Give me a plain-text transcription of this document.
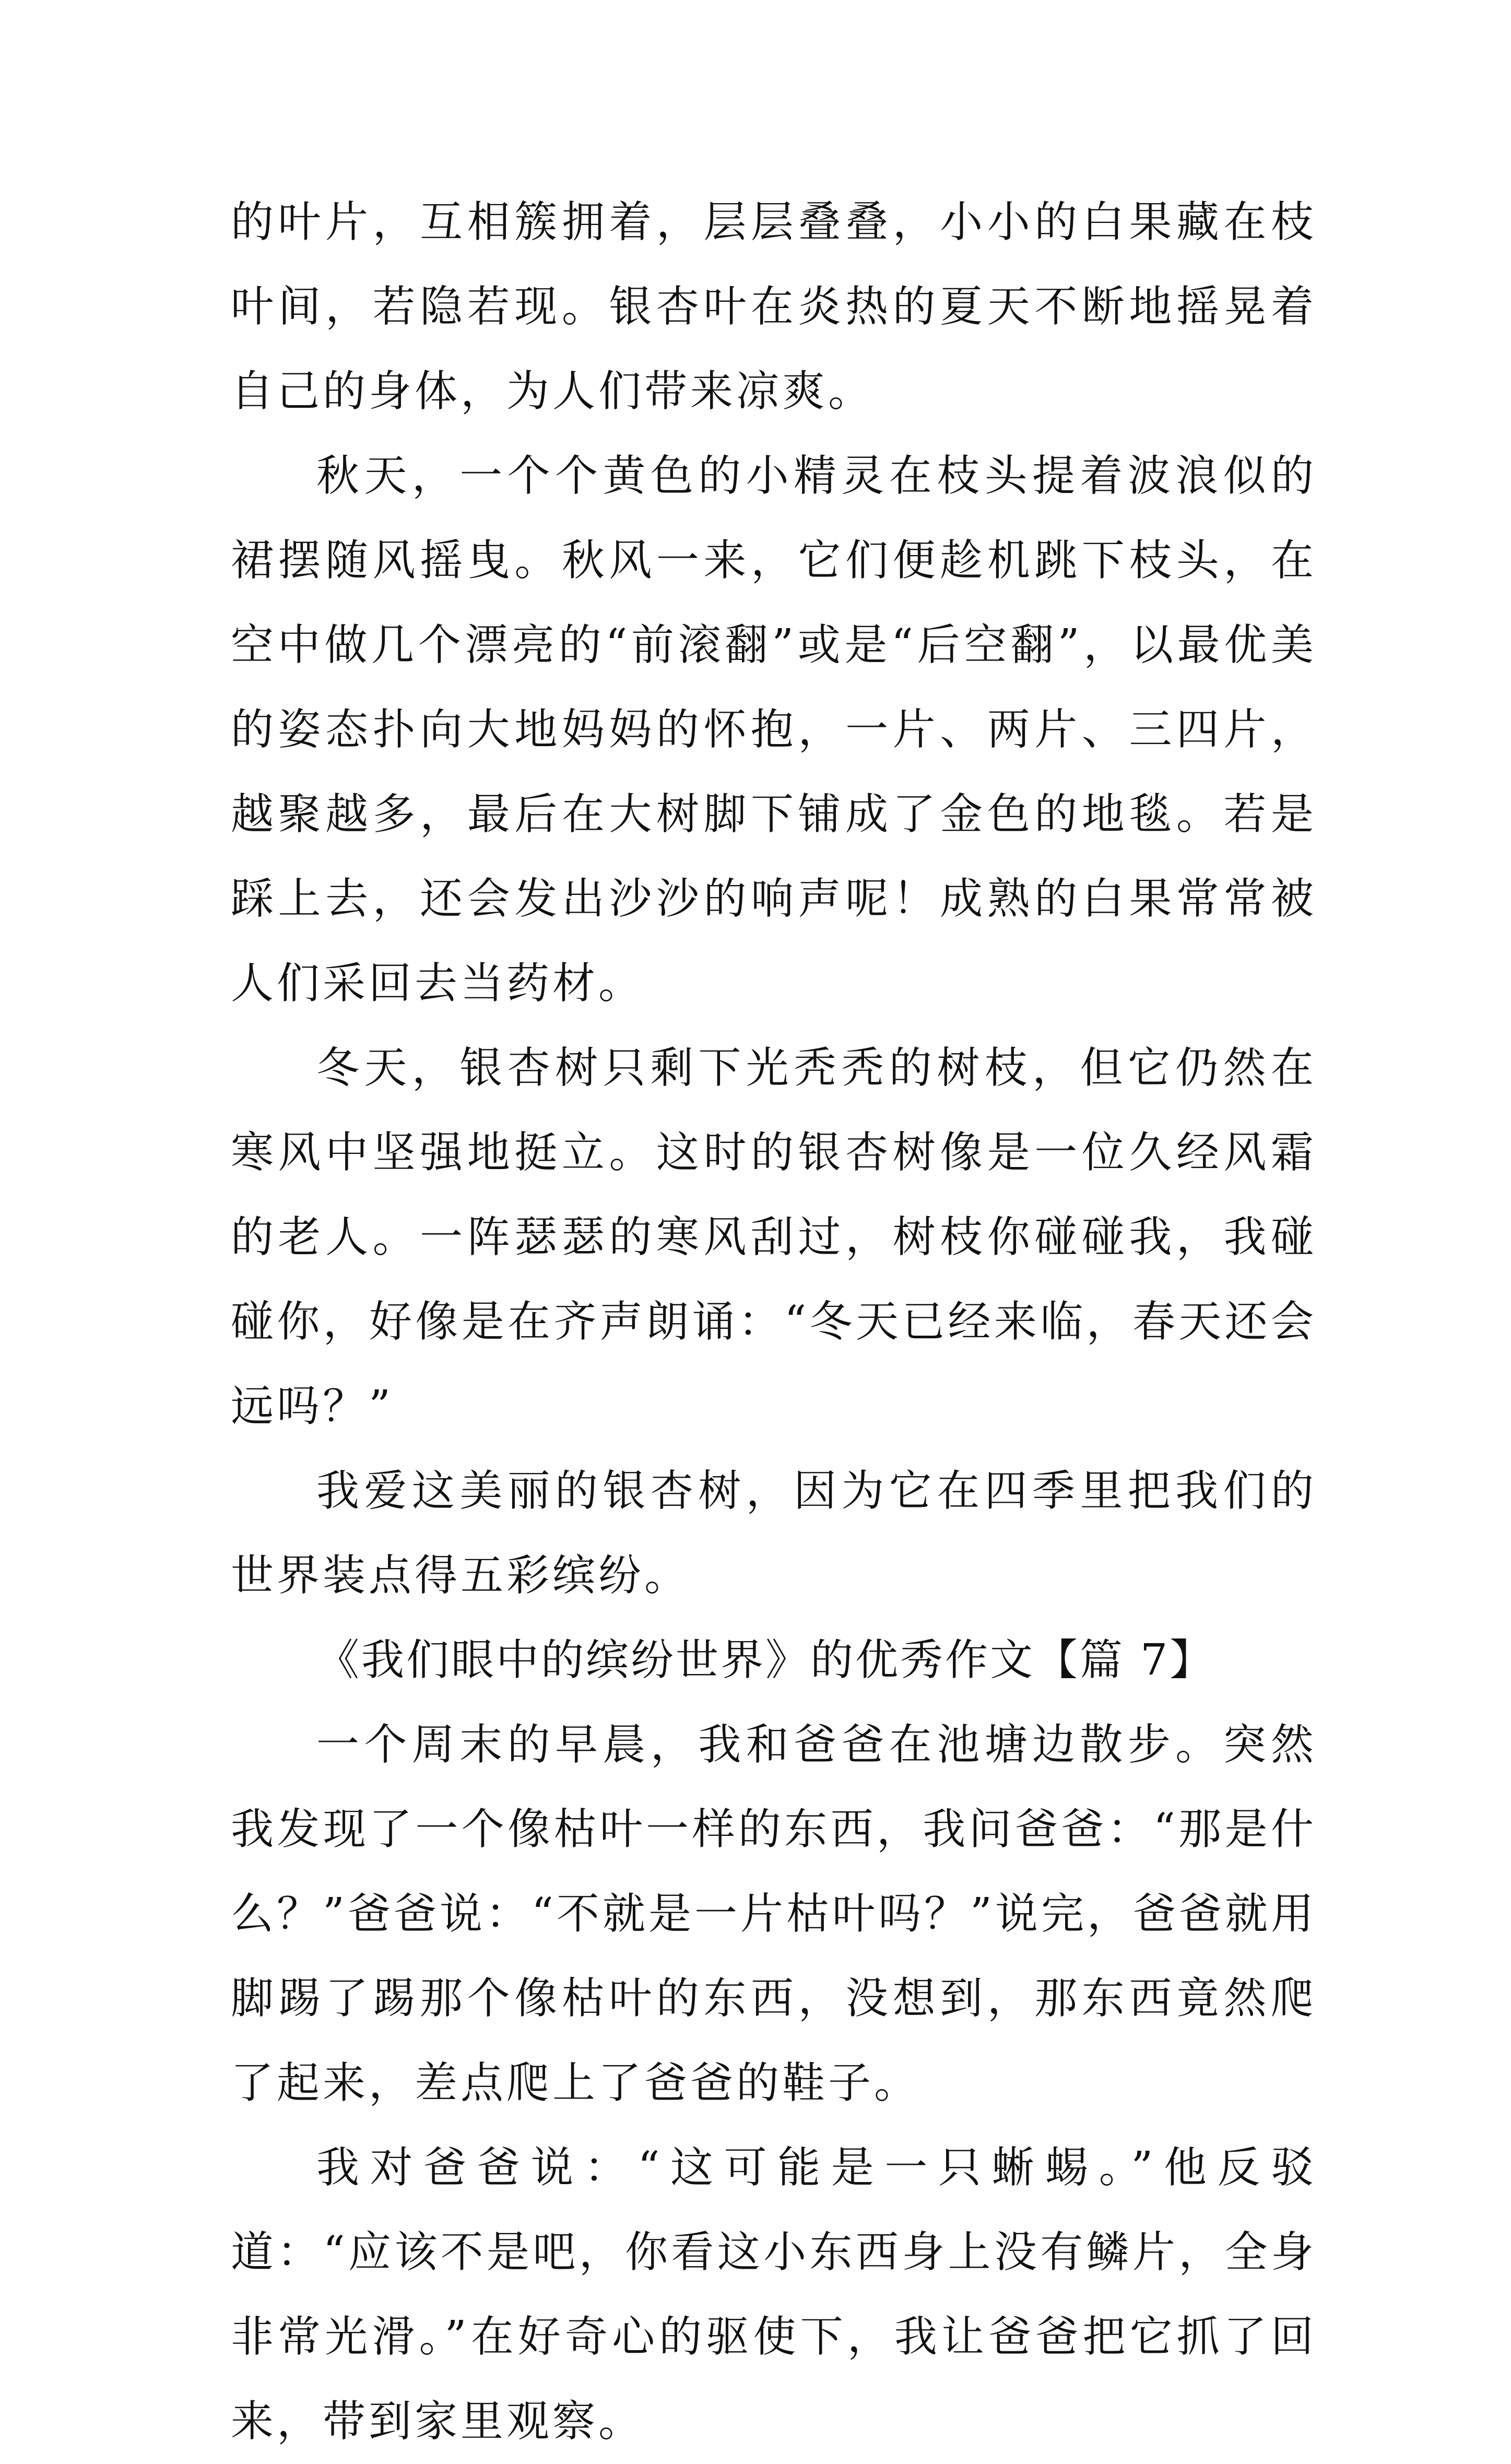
的叶片，互相簇拥着，层层叠叠，小小的白果藏在枝叶间，若隐若现。银杏叶在炎热的夏天不断地摇晃着自己的身体，为人们带来凉爽。

秋天，一个个黄色的小精灵在枝头提着波浪似的裙摆随风摇曳。秋风一来，它们便趁机跳下枝头，在空中做几个漂亮的“前滚翻”或是“后空翻”，以最优美的姿态扑向大地妈妈的怀抱，一片、两片、三四片，越聚越多，最后在大树脚下铺成了金色的地毯。若是踩上去，还会发出沙沙的响声呢！成熟的白果常常被人们采回去当药材。

冬天，银杏树只剩下光秃秃的树枝，但它仍然在寒风中坚强地挺立。这时的银杏树像是一位久经风霜的老人。一阵瑟瑟的寒风刮过，树枝你碰碰我，我碰碰你，好像是在齐声朗诵：“冬天已经来临，春天还会远吗？”

我爱这美丽的银杏树，因为它在四季里把我们的世界装点得五彩缤纷。

《我们眼中的缤纷世界》的优秀作文【篇 7】

一个周末的早晨，我和爸爸在池塘边散步。突然我发现了一个像枯叶一样的东西，我问爸爸：“那是什么？”爸爸说：“不就是一片枯叶吗？”说完，爸爸就用脚踢了踢那个像枯叶的东西，没想到，那东西竟然爬了起来，差点爬上了爸爸的鞋子。

我对爸爸说：“这可能是一只蜥蜴。”他反驳道：“应该不是吧，你看这小东西身上没有鳞片，全身非常光滑。”在好奇心的驱使下，我让爸爸把它抓了回来，带到家里观察。
